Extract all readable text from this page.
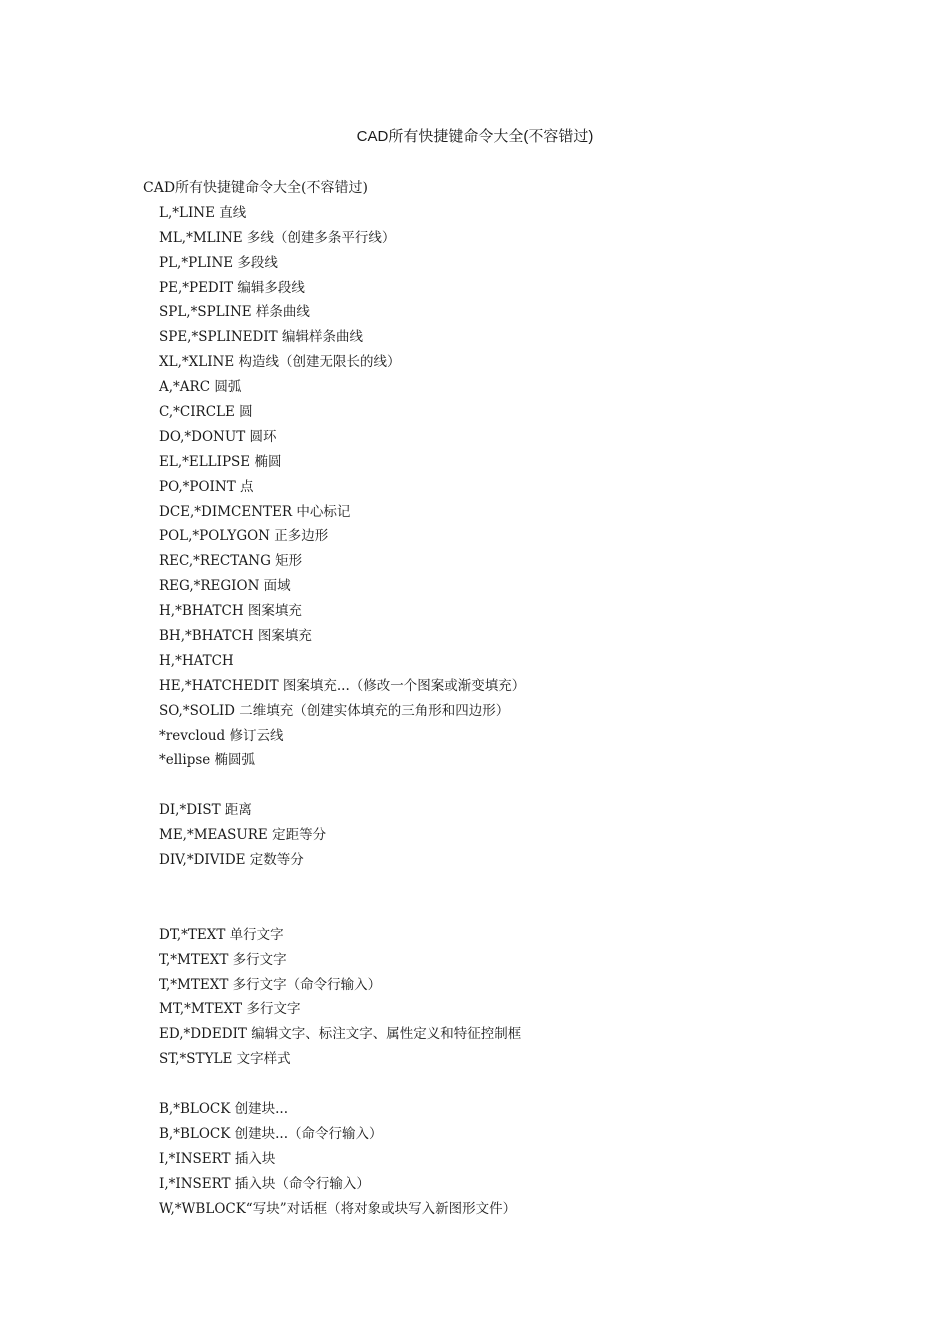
CAD所有快捷键命令大全(不容错过)
CAD所有快捷键命令大全(不容错过)
L,*LINE 直线
ML,*MLINE 多线（创建多条平行线）
PL,*PLINE 多段线
PE,*PEDIT 编辑多段线
SPL,*SPLINE 样条曲线
SPE,*SPLINEDIT 编辑样条曲线
XL,*XLINE 构造线（创建无限长的线）
A,*ARC 圆弧
C,*CIRCLE 圆
DO,*DONUT 圆环
EL,*ELLIPSE 椭圆
PO,*POINT 点
DCE,*DIMCENTER 中心标记
POL,*POLYGON 正多边形
REC,*RECTANG 矩形
REG,*REGION 面域
H,*BHATCH 图案填充
BH,*BHATCH 图案填充
H,*HATCH
HE,*HATCHEDIT 图案填充...（修改一个图案或渐变填充）
SO,*SOLID 二维填充（创建实体填充的三角形和四边形）
*revcloud 修订云线
*ellipse 椭圆弧
DI,*DIST 距离
ME,*MEASURE 定距等分
DIV,*DIVIDE 定数等分
DT,*TEXT 单行文字
T,*MTEXT 多行文字
T,*MTEXT 多行文字（命令行输入）
MT,*MTEXT 多行文字
ED,*DDEDIT 编辑文字、标注文字、属性定义和特征控制框
ST,*STYLE 文字样式
B,*BLOCK 创建块...
B,*BLOCK 创建块...（命令行输入）
I,*INSERT 插入块
I,*INSERT 插入块（命令行输入）
W,*WBLOCK“写块”对话框（将对象或块写入新图形文件）
